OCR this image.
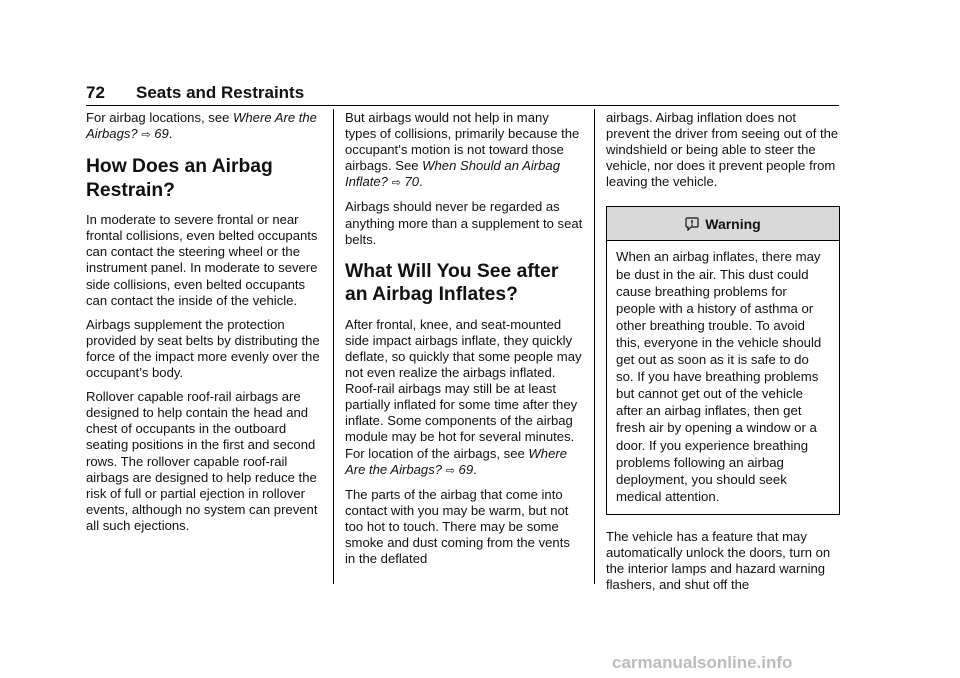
72 Seats and Restraints

For airbag locations, see Where Are the Airbags? ⇨ 69.

How Does an Airbag Restrain?

In moderate to severe frontal or near frontal collisions, even belted occupants can contact the steering wheel or the instrument panel. In moderate to severe side collisions, even belted occupants can contact the inside of the vehicle.

Airbags supplement the protection provided by seat belts by distributing the force of the impact more evenly over the occupant’s body.

Rollover capable roof-rail airbags are designed to help contain the head and chest of occupants in the outboard seating positions in the first and second rows. The rollover capable roof-rail airbags are designed to help reduce the risk of full or partial ejection in rollover events, although no system can prevent all such ejections.

But airbags would not help in many types of collisions, primarily because the occupant’s motion is not toward those airbags. See When Should an Airbag Inflate? ⇨ 70.

Airbags should never be regarded as anything more than a supplement to seat belts.

What Will You See after an Airbag Inflates?

After frontal, knee, and seat-mounted side impact airbags inflate, they quickly deflate, so quickly that some people may not even realize the airbags inflated. Roof-rail airbags may still be at least partially inflated for some time after they inflate. Some components of the airbag module may be hot for several minutes. For location of the airbags, see Where Are the Airbags? ⇨ 69.

The parts of the airbag that come into contact with you may be warm, but not too hot to touch. There may be some smoke and dust coming from the vents in the deflated

airbags. Airbag inflation does not prevent the driver from seeing out of the windshield or being able to steer the vehicle, nor does it prevent people from leaving the vehicle.

Warning
When an airbag inflates, there may be dust in the air. This dust could cause breathing problems for people with a history of asthma or other breathing trouble. To avoid this, everyone in the vehicle should get out as soon as it is safe to do so. If you have breathing problems but cannot get out of the vehicle after an airbag inflates, then get fresh air by opening a window or a door. If you experience breathing problems following an airbag deployment, you should seek medical attention.

The vehicle has a feature that may automatically unlock the doors, turn on the interior lamps and hazard warning flashers, and shut off the

carmanualsonline.info
